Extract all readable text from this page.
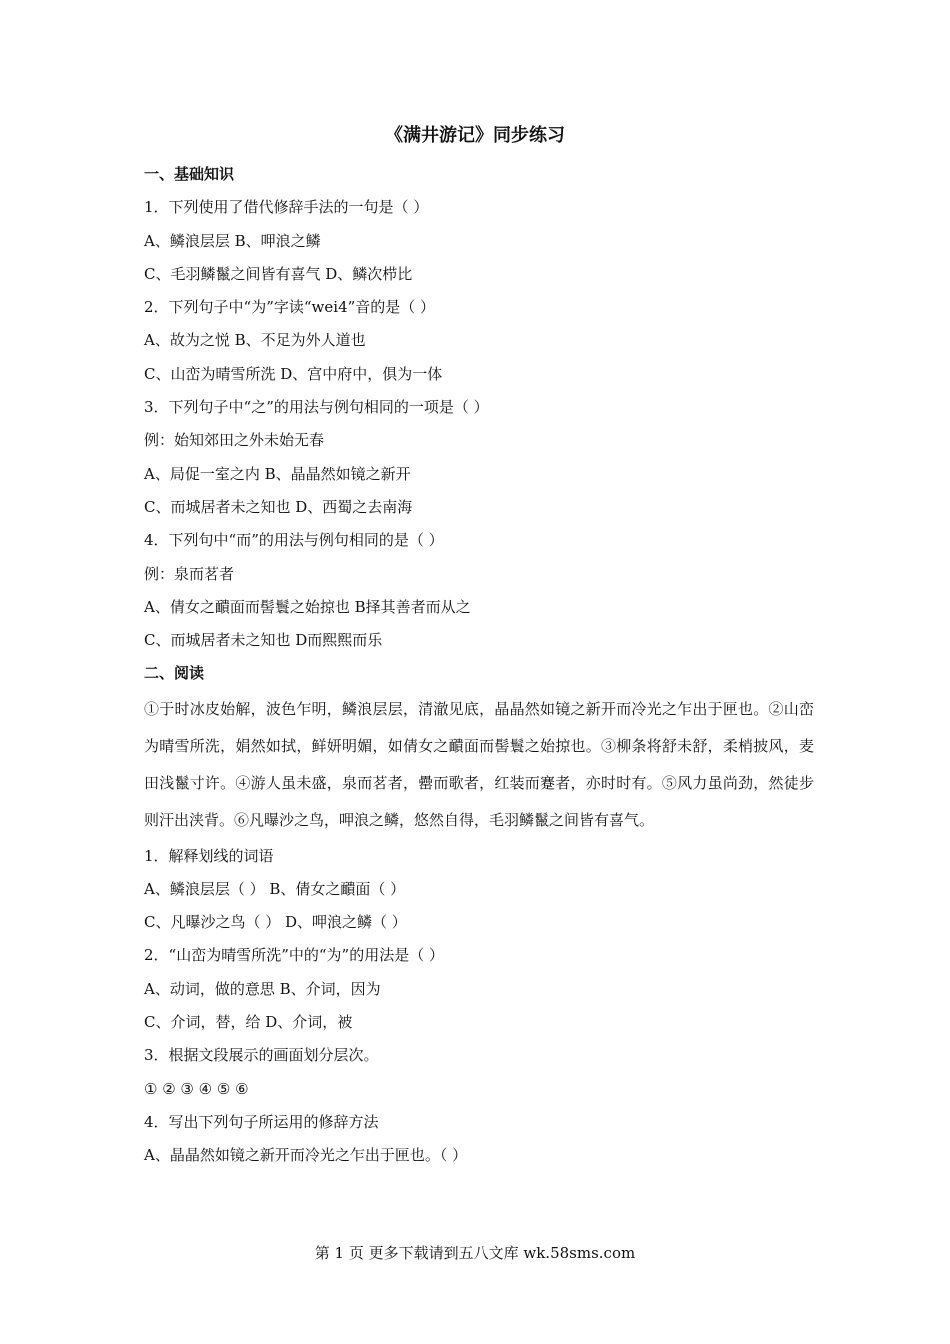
《满井游记》同步练习
一、基础知识
1．下列使用了借代修辞手法的一句是（ ）
A、鳞浪层层 B、呷浪之鳞
C、毛羽鳞鬣之间皆有喜气 D、鳞次栉比
2．下列句子中“为”字读“wei4”音的是（ ）
A、故为之悦 B、不足为外人道也
C、山峦为晴雪所洗 D、宫中府中，俱为一体
3．下列句子中“之”的用法与例句相同的一项是（ ）
例：始知郊田之外未始无春
A、局促一室之内 B、晶晶然如镜之新开
C、而城居者未之知也 D、西蜀之去南海
4．下列句中“而”的用法与例句相同的是（ ）
例：泉而茗者
A、倩女之靧面而髻鬟之始掠也 B择其善者而从之
C、而城居者未之知也 D而熙熙而乐
二、阅读

①于时冰皮始解，波色乍明，鳞浪层层，清澈见底，晶晶然如镜之新开而冷光之乍出于匣也。②山峦为晴雪所洗，娟然如拭，鲜妍明媚，如倩女之靧面而髻鬟之始掠也。③柳条将舒未舒，柔梢披风，麦田浅鬣寸许。④游人虽未盛，泉而茗者，罍而歌者，红装而蹇者，亦时时有。⑤风力虽尚劲，然徒步则汗出浃背。⑥凡曝沙之鸟，呷浪之鳞，悠然自得，毛羽鳞鬣之间皆有喜气。

1．解释划线的词语
A、鳞浪层层（ ） B、倩女之靧面（ ）
C、凡曝沙之鸟（ ） D、呷浪之鳞（ ）
2．“山峦为晴雪所洗”中的“为”的用法是（ ）
A、动词，做的意思 B、介词，因为
C、介词，替，给 D、介词，被
3．根据文段展示的画面划分层次。
① ② ③ ④ ⑤ ⑥
4．写出下列句子所运用的修辞方法
A、晶晶然如镜之新开而冷光之乍出于匣也。（ ）
第 1 页 更多下载请到五八文库 wk.58sms.com
